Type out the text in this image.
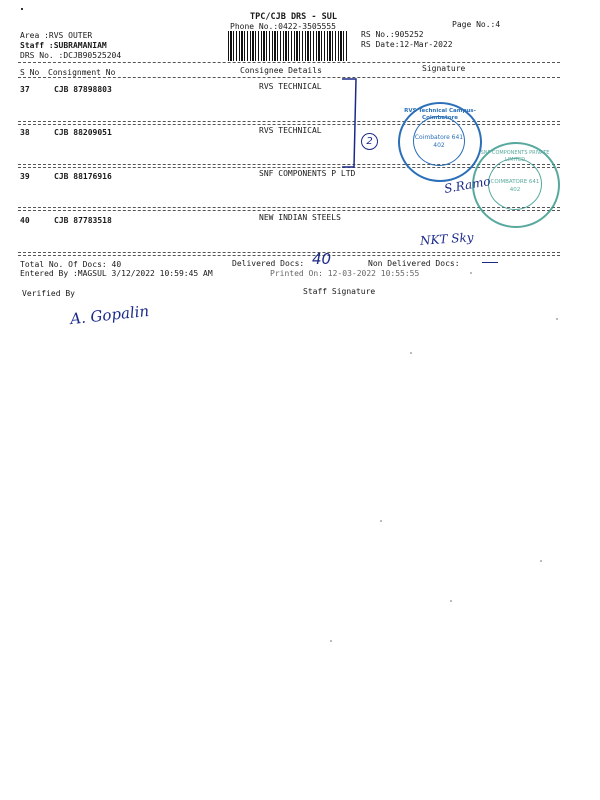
TPC/CJB DRS - SUL
Phone No.:0422-3505555
Area :RVS OUTER
Staff :SUBRAMANIAM
DRS No. :DCJB90525204
RS No.:905252
RS Date:12-Mar-2022
Page No.:4
S No Consignment No	Consignee Details	Signature
37	CJB 87898803	RVS TECHNICAL
38	CJB 88209051	RVS TECHNICAL
39	CJB 88176916	SNF COMPONENTS P LTD
40	CJB 87783518	NEW INDIAN STEELS
Total No. Of Docs: 40	Delivered Docs: 40	Non Delivered Docs:
Entered By :MAGSUL 3/12/2022 10:59:45 AM	Printed On: 12-03-2022 10:55:55
Verified By	Staff Signature
2
RVS Technical Campus-Coimbatore
Coimbatore 641 402
SNF COMPONENTS PRIVATE LIMITED
COIMBATORE 641 402
S.Ramo
NKT Sky
A. Gopalin
